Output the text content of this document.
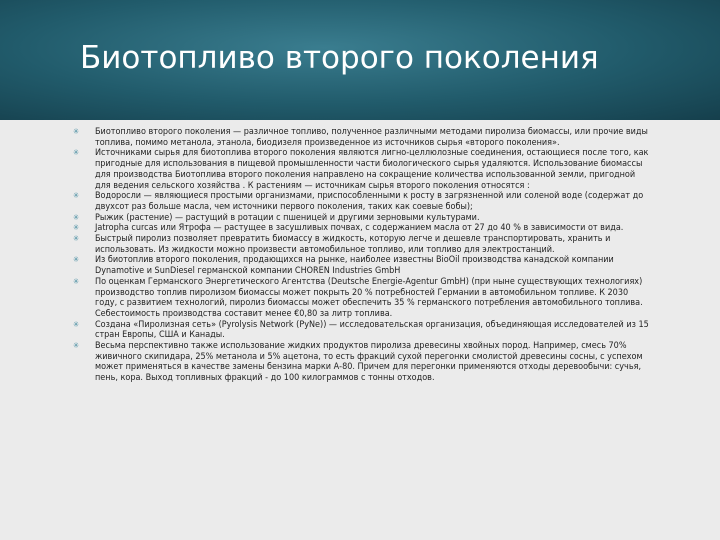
Биотопливо второго поколения
✳ Биотопливо второго поколения — различное топливо, полученное различными методами пиролиза биомассы, или прочие виды топлива, помимо метанола, этанола, биодизеля произведенное из источников сырья «второго поколения».
✳ Источниками сырья для биотоплива второго поколения являются лигно-целлюлозные соединения, остающиеся после того, как пригодные для использования в пищевой промышленности части биологического сырья удаляются. Использование биомассы для производства Биотоплива второго поколения направлено на сокращение количества использованной земли, пригодной для ведения сельского хозяйства . К растениям — источникам сырья второго поколения относятся :
✳ Водоросли — являющиеся простыми организмами, приспособленными к росту в загрязненной или соленой воде (содержат до двухсот раз больше масла, чем источники первого поколения, таких как соевые бобы);
✳ Рыжик (растение) — растущий в ротации с пшеницей и другими зерновыми культурами.
✳ Jatropha curcas или Ятрофа — растущее в засушливых почвах, с содержанием масла от 27 до 40 % в зависимости от вида.
✳ Быстрый пиролиз позволяет превратить биомассу в жидкость, которую легче и дешевле транспортировать, хранить и использовать. Из жидкости можно произвести автомобильное топливо, или топливо для электростанций.
✳ Из биотоплив второго поколения, продающихся на рынке, наиболее известны BioOil производства канадской компании Dynamotive и SunDiesel германской компании CHOREN Industries GmbH
✳ По оценкам Германского Энергетического Агентства (Deutsche Energie-Agentur GmbH) (при ныне существующих технологиях) производство топлив пиролизом биомассы может покрыть 20 % потребностей Германии в автомобильном топливе. К 2030 году, с развитием технологий, пиролиз биомассы может обеспечить 35 % германского потребления автомобильного топлива. Себестоимость производства составит менее €0,80 за литр топлива.
✳ Создана «Пиролизная сеть» (Pyrolysis Network (PyNe)) — исследовательская организация, объединяющая исследователей из 15 стран Европы, США и Канады.
✳ Весьма перспективно также использование жидких продуктов пиролиза древесины хвойных пород. Например, смесь 70% живичного скипидара, 25% метанола и 5% ацетона, то есть фракций сухой перегонки смолистой древесины сосны, с успехом может применяться в качестве замены бензина марки А-80. Причем для перегонки применяются отходы деревообычи: сучья, пень, кора. Выход топливных фракций - до 100 килограммов с тонны отходов.
